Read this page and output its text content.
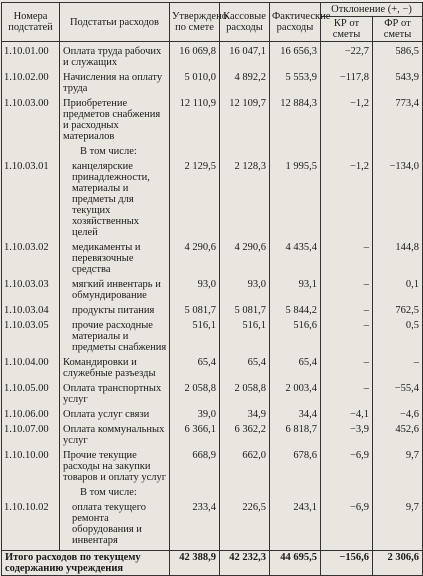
Номера подстатей	Подстатьи расходов	Утверждено по смете	Кассовые расходы	Фактические расходы	Отклонение (+, −)	
					КР от сметы	ФР от сметы

1.10.01.00	Оплата труда рабочих и служащих	16 069,8	16 047,1	16 656,3	−22,7	586,5

1.10.02.00	Начисления на оплату труда	5 010,0	4 892,2	5 553,9	−117,8	543,9

1.10.03.00	Приобретение предметов снабжения и расходных материалов	12 110,9	12 109,7	12 884,3	−1,2	773,4

	В том числе:					

1.10.03.01	канцелярские принадлежности, материалы и предметы для текущих хозяйственных целей	2 129,5	2 128,3	1 995,5	−1,2	−134,0

1.10.03.02	медикаменты и перевязочные средства	4 290,6	4 290,6	4 435,4	–	144,8

1.10.03.03	мягкий инвентарь и обмундирование	93,0	93,0	93,1	–	0,1

1.10.03.04	продукты питания	5 081,7	5 081,7	5 844,2	–	762,5

1.10.03.05	прочие расходные материалы и предметы снабжения	516,1	516,1	516,6	–	0,5

1.10.04.00	Командировки и служебные разъезды	65,4	65,4	65,4	–	–

1.10.05.00	Оплата транспортных услуг	2 058,8	2 058,8	2 003,4	–	−55,4

1.10.06.00	Оплата услуг связи	39,0	34,9	34,4	−4,1	−4,6

1.10.07.00	Оплата коммунальных услуг	6 366,1	6 362,2	6 818,7	−3,9	452,6

1.10.10.00	Прочие текущие расходы на закупки товаров и оплату услуг	668,9	662,0	678,6	−6,9	9,7

	В том числе:					

1.10.10.02	оплата текущего ремонта оборудования и инвентаря	233,4	226,5	243,1	−6,9	9,7

Итого расходов по текущему содержанию учреждения		42 388,9	42 232,3	44 695,5	−156,6	2 306,6
